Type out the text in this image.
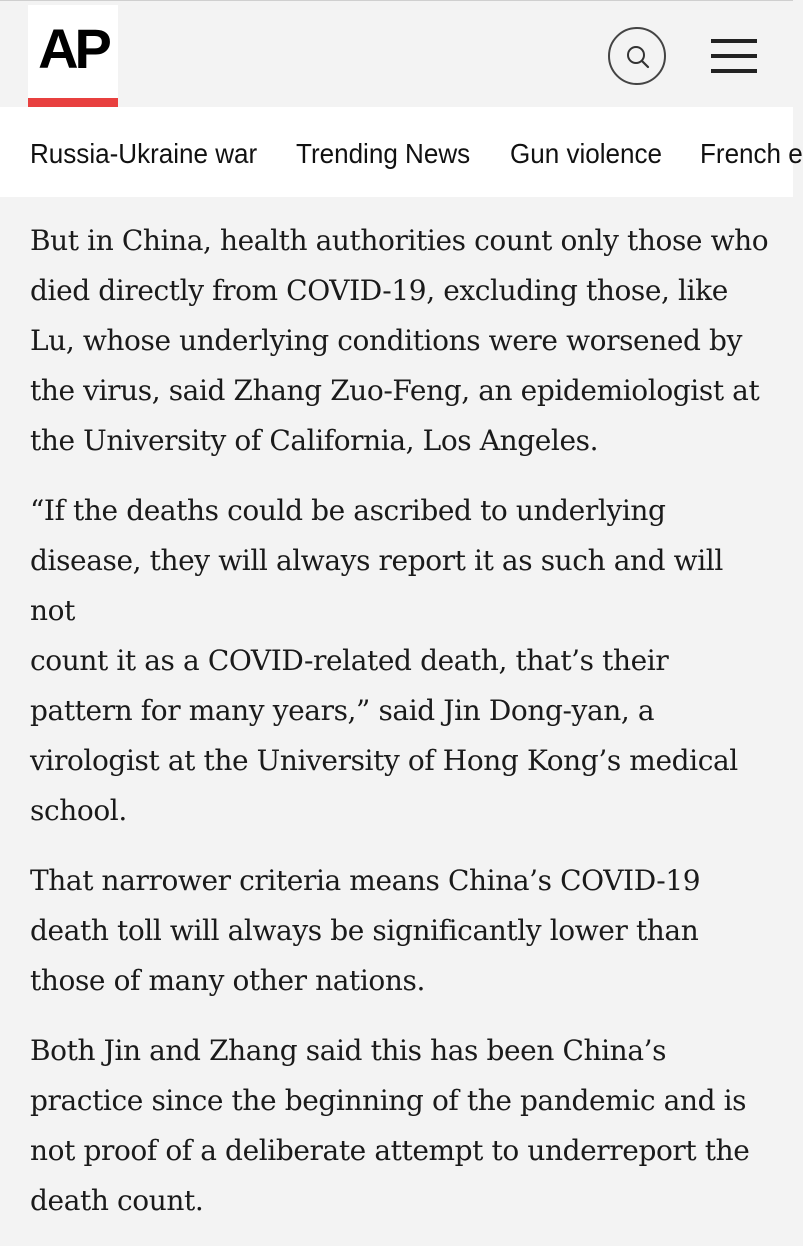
AP
Russia-Ukraine war Trending News Gun violence French e

But in China, health authorities count only those who
died directly from COVID-19, excluding those, like
Lu, whose underlying conditions were worsened by
the virus, said Zhang Zuo-Feng, an epidemiologist at
the University of California, Los Angeles.

“If the deaths could be ascribed to underlying
disease, they will always report it as such and will not
count it as a COVID-related death, that’s their
pattern for many years,” said Jin Dong-yan, a
virologist at the University of Hong Kong’s medical
school.

That narrower criteria means China’s COVID-19
death toll will always be significantly lower than
those of many other nations.

Both Jin and Zhang said this has been China’s
practice since the beginning of the pandemic and is
not proof of a deliberate attempt to underreport the
death count.
